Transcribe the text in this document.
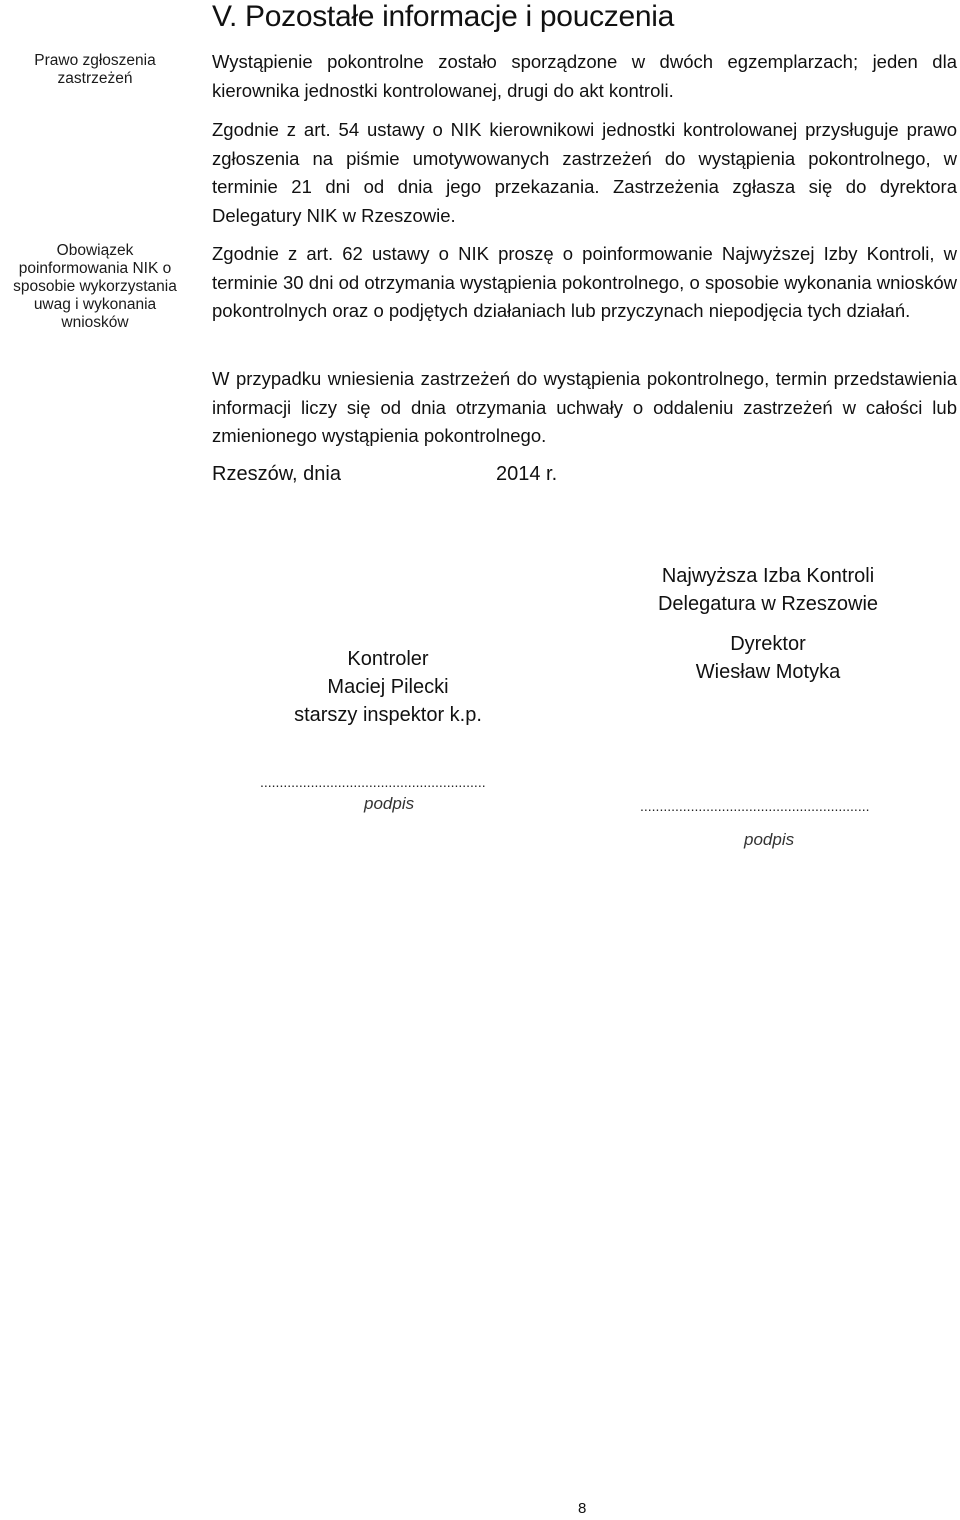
V. Pozostałe informacje i pouczenia
Prawo zgłoszenia zastrzeżeń
Obowiązek poinformowania NIK o sposobie wykorzystania uwag i wykonania wniosków
Wystąpienie pokontrolne zostało sporządzone w dwóch egzemplarzach; jeden dla kierownika jednostki kontrolowanej, drugi do akt kontroli.
Zgodnie z art. 54 ustawy o NIK kierownikowi jednostki kontrolowanej przysługuje prawo zgłoszenia na piśmie umotywowanych zastrzeżeń do wystąpienia pokontrolnego, w terminie 21 dni od dnia jego przekazania. Zastrzeżenia zgłasza się do dyrektora Delegatury NIK w Rzeszowie.
Zgodnie z art. 62 ustawy o NIK proszę o poinformowanie Najwyższej Izby Kontroli, w terminie 30 dni od otrzymania wystąpienia pokontrolnego, o sposobie wykonania wniosków pokontrolnych oraz o podjętych działaniach lub przyczynach niepodjęcia tych działań.
W przypadku wniesienia zastrzeżeń do wystąpienia pokontrolnego, termin przedstawienia informacji liczy się od dnia otrzymania uchwały o oddaleniu zastrzeżeń w całości lub zmienionego wystąpienia pokontrolnego.

Rzeszów, dnia

	2014 r.

Najwyższa Izba Kontroli
Delegatura w Rzeszowie
Dyrektor
Wiesław Motyka
Kontroler
Maciej Pilecki
starszy inspektor k.p.
..........................................................
podpis	...........................................................
podpis
8
